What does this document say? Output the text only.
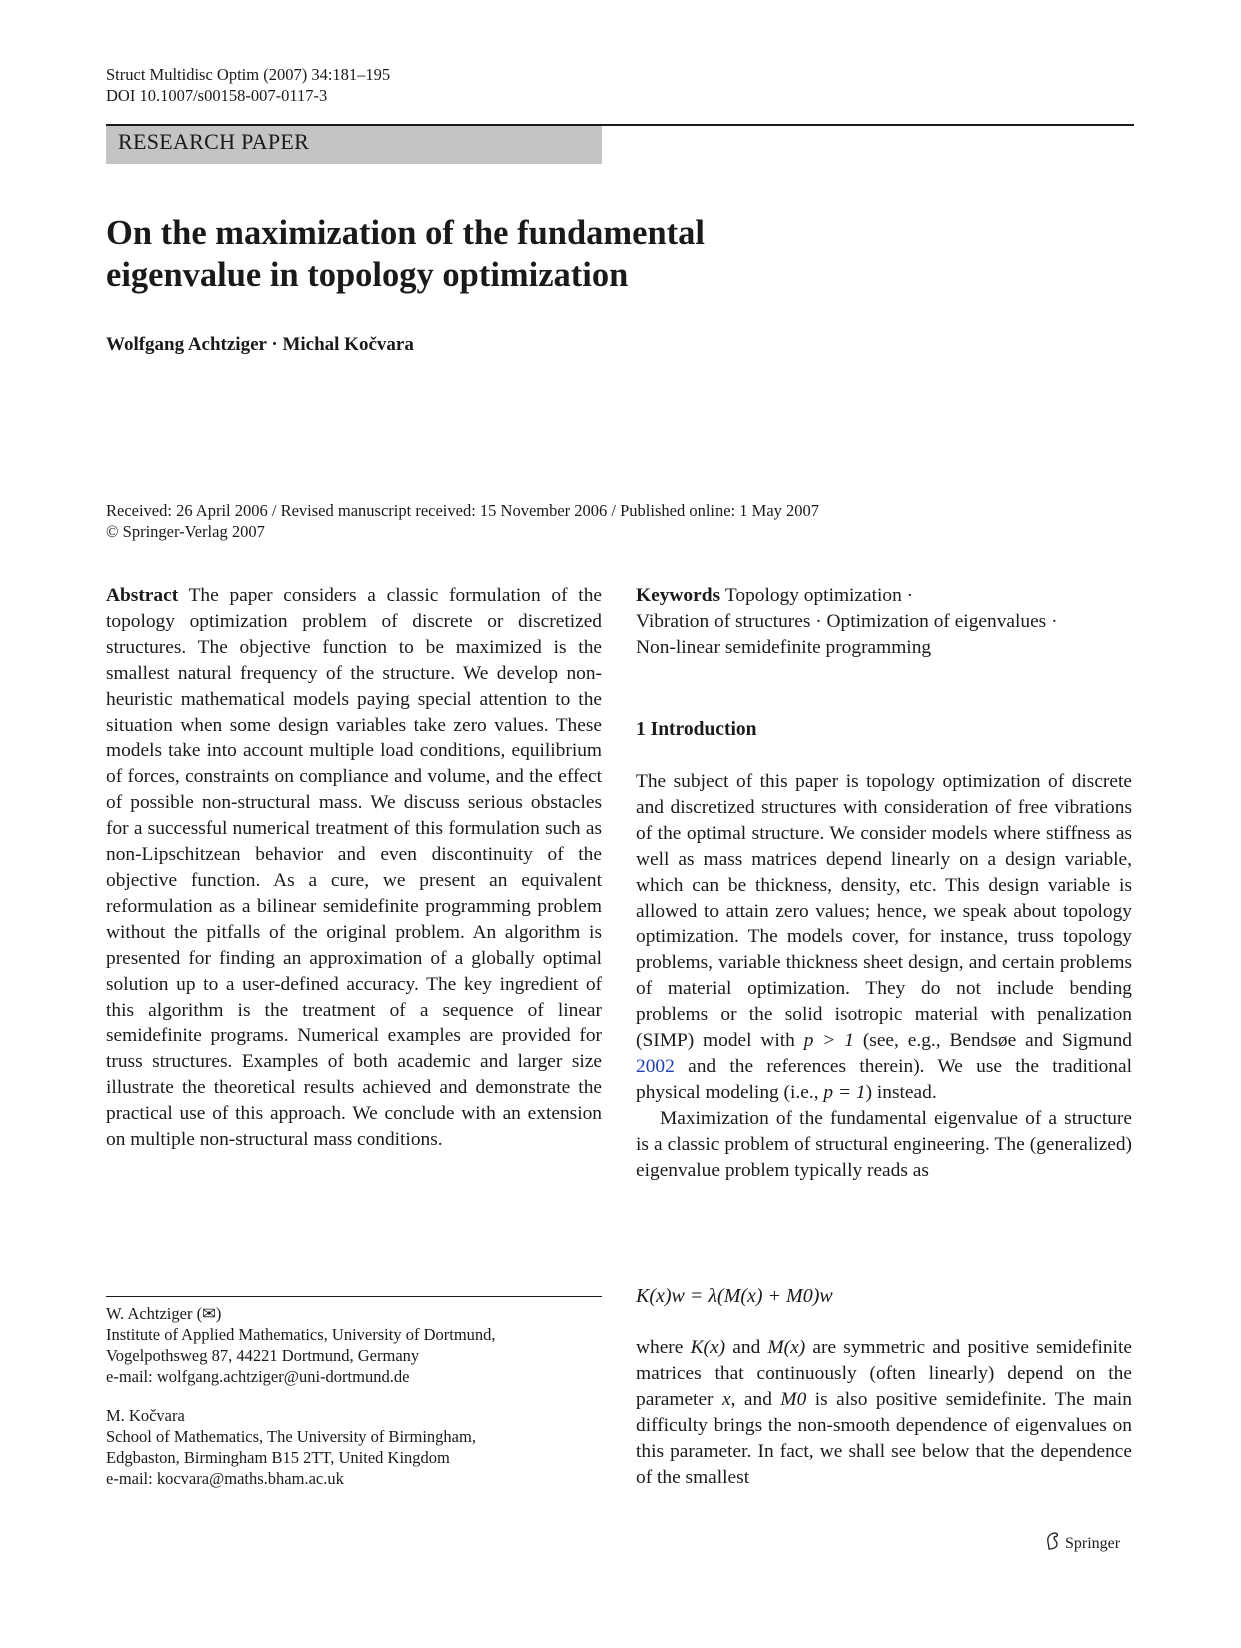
Struct Multidisc Optim (2007) 34:181–195
DOI 10.1007/s00158-007-0117-3
RESEARCH PAPER
On the maximization of the fundamental
eigenvalue in topology optimization
Wolfgang Achtziger · Michal Kočvara
Received: 26 April 2006 / Revised manuscript received: 15 November 2006 / Published online: 1 May 2007
© Springer-Verlag 2007
Abstract The paper considers a classic formulation of the topology optimization problem of discrete or discretized structures. The objective function to be maximized is the smallest natural frequency of the structure. We develop non-heuristic mathematical models paying special attention to the situation when some design variables take zero values. These models take into account multiple load conditions, equilibrium of forces, constraints on compliance and volume, and the effect of possible non-structural mass. We discuss serious obstacles for a successful numerical treatment of this formulation such as non-Lipschitzean behavior and even discontinuity of the objective function. As a cure, we present an equivalent reformulation as a bilinear semidefinite programming problem without the pitfalls of the original problem. An algorithm is presented for finding an approximation of a globally optimal solution up to a user-defined accuracy. The key ingredient of this algorithm is the treatment of a sequence of linear semidefinite programs. Numerical examples are provided for truss structures. Examples of both academic and larger size illustrate the theoretical results achieved and demonstrate the practical use of this approach. We conclude with an extension on multiple non-structural mass conditions.
Keywords Topology optimization ·
Vibration of structures · Optimization of eigenvalues ·
Non-linear semidefinite programming
1 Introduction

The subject of this paper is topology optimization of discrete and discretized structures with consideration of free vibrations of the optimal structure. We consider models where stiffness as well as mass matrices depend linearly on a design variable, which can be thickness, density, etc. This design variable is allowed to attain zero values; hence, we speak about topology optimization. The models cover, for instance, truss topology problems, variable thickness sheet design, and certain problems of material optimization. They do not include bending problems or the solid isotropic material with penalization (SIMP) model with p > 1 (see, e.g., Bendsøe and Sigmund 2002 and the references therein). We use the traditional physical modeling (i.e., p = 1) instead.

Maximization of the fundamental eigenvalue of a structure is a classic problem of structural engineering. The (generalized) eigenvalue problem typically reads as

K(x)w = λ(M(x) + M0)w
where K(x) and M(x) are symmetric and positive semidefinite matrices that continuously (often linearly) depend on the parameter x, and M0 is also positive semidefinite. The main difficulty brings the non-smooth dependence of eigenvalues on this parameter. In fact, we shall see below that the dependence of the smallest
W. Achtziger (✉)
Institute of Applied Mathematics, University of Dortmund,
Vogelpothsweg 87, 44221 Dortmund, Germany
e-mail: wolfgang.achtziger@uni-dortmund.de
M. Kočvara
School of Mathematics, The University of Birmingham,
Edgbaston, Birmingham B15 2TT, United Kingdom
e-mail: kocvara@maths.bham.ac.uk
Springer
